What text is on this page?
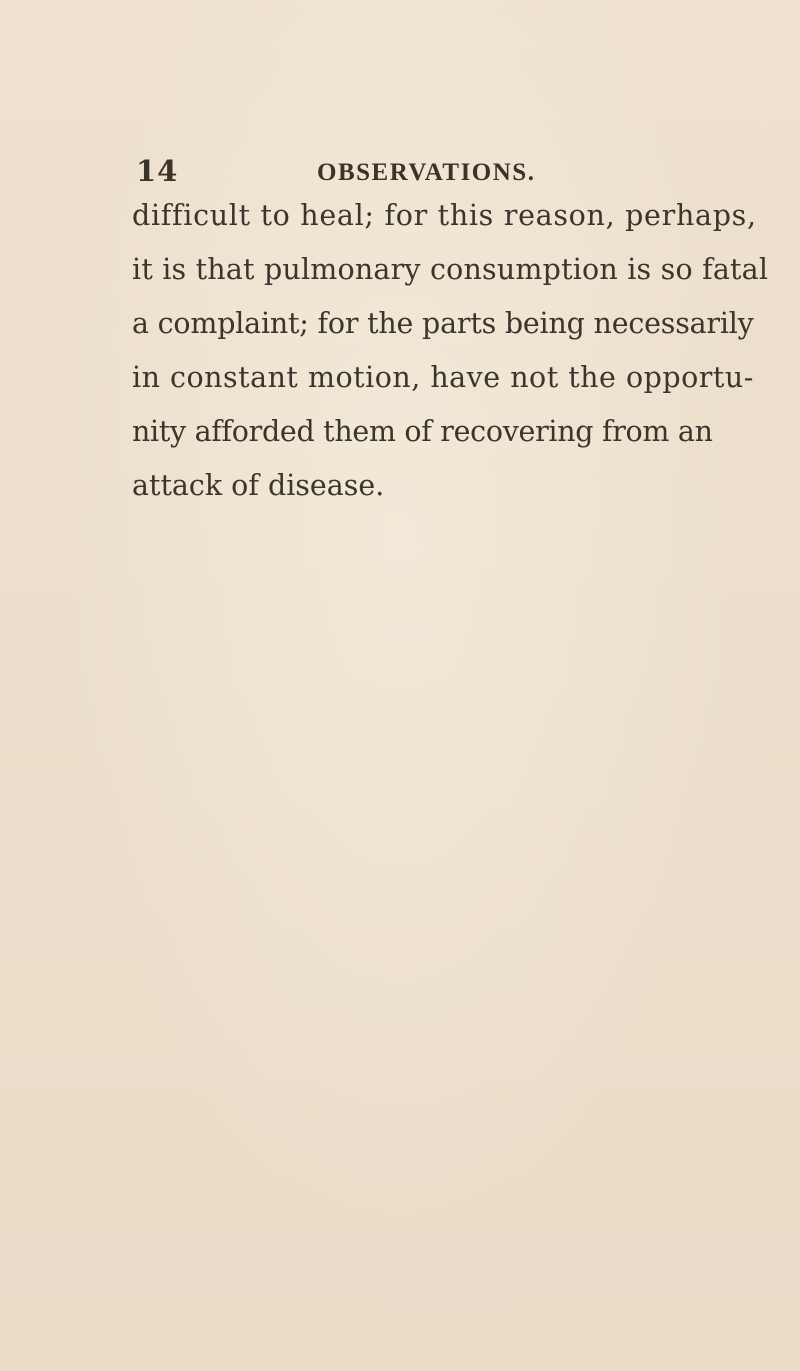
14	OBSERVATIONS.
difficult to heal; for this reason, perhaps,
it is that pulmonary consumption is so fatal
a complaint; for the parts being necessarily
in constant motion, have not the opportu-
nity afforded them of recovering from an
attack of disease.
